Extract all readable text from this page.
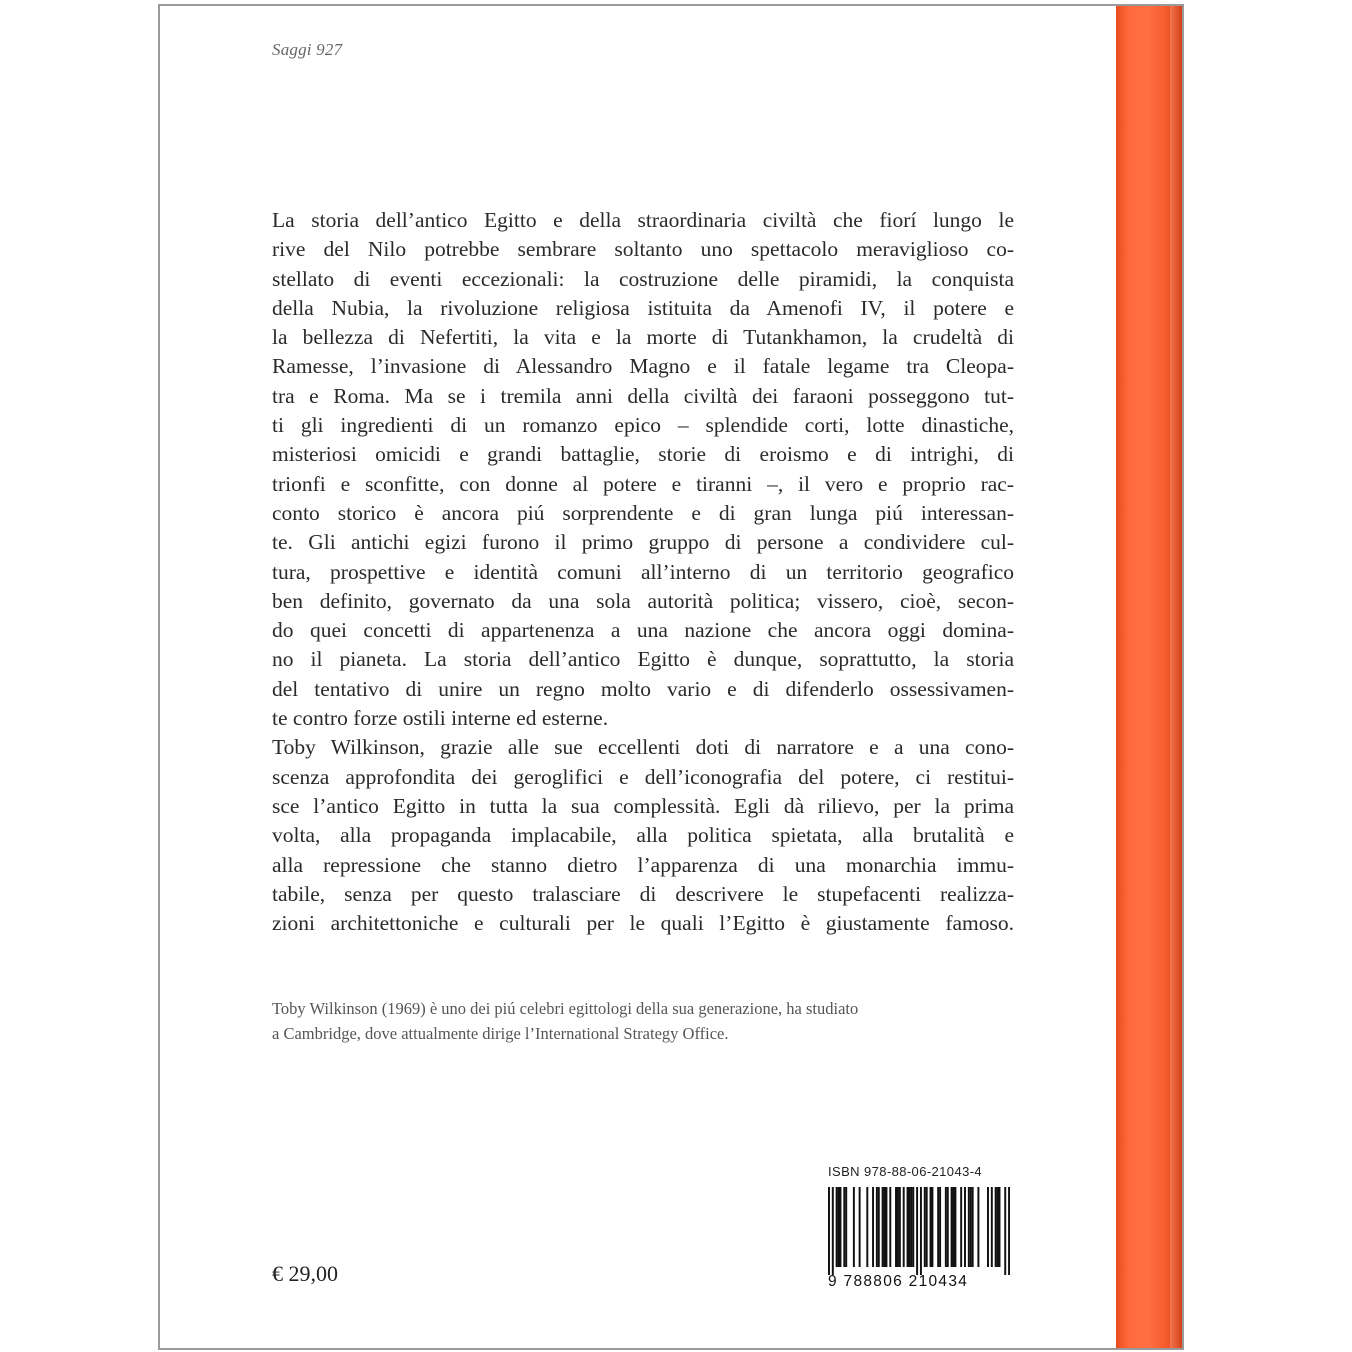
Saggi 927
La storia dell’antico Egitto e della straordinaria civiltà che fiorí lungo le
rive del Nilo potrebbe sembrare soltanto uno spettacolo meraviglioso co-
stellato di eventi eccezionali: la costruzione delle piramidi, la conquista
della Nubia, la rivoluzione religiosa istituita da Amenofi IV, il potere e
la bellezza di Nefertiti, la vita e la morte di Tutankhamon, la crudeltà di
Ramesse, l’invasione di Alessandro Magno e il fatale legame tra Cleopa-
tra e Roma. Ma se i tremila anni della civiltà dei faraoni posseggono tut-
ti gli ingredienti di un romanzo epico – splendide corti, lotte dinastiche,
misteriosi omicidi e grandi battaglie, storie di eroismo e di intrighi, di
trionfi e sconfitte, con donne al potere e tiranni –, il vero e proprio rac-
conto storico è ancora piú sorprendente e di gran lunga piú interessan-
te. Gli antichi egizi furono il primo gruppo di persone a condividere cul-
tura, prospettive e identità comuni all’interno di un territorio geografico
ben definito, governato da una sola autorità politica; vissero, cioè, secon-
do quei concetti di appartenenza a una nazione che ancora oggi domina-
no il pianeta. La storia dell’antico Egitto è dunque, soprattutto, la storia
del tentativo di unire un regno molto vario e di difenderlo ossessivamen-
te contro forze ostili interne ed esterne.
Toby Wilkinson, grazie alle sue eccellenti doti di narratore e a una cono-
scenza approfondita dei geroglifici e dell’iconografia del potere, ci restitui-
sce l’antico Egitto in tutta la sua complessità. Egli dà rilievo, per la prima
volta, alla propaganda implacabile, alla politica spietata, alla brutalità e
alla repressione che stanno dietro l’apparenza di una monarchia immu-
tabile, senza per questo tralasciare di descrivere le stupefacenti realizza-
zioni architettoniche e culturali per le quali l’Egitto è giustamente famoso.
Toby Wilkinson (1969) è uno dei piú celebri egittologi della sua generazione, ha studiato
a Cambridge, dove attualmente dirige l’International Strategy Office.
€ 29,00
ISBN 978-88-06-21043-4
9 788806 210434
